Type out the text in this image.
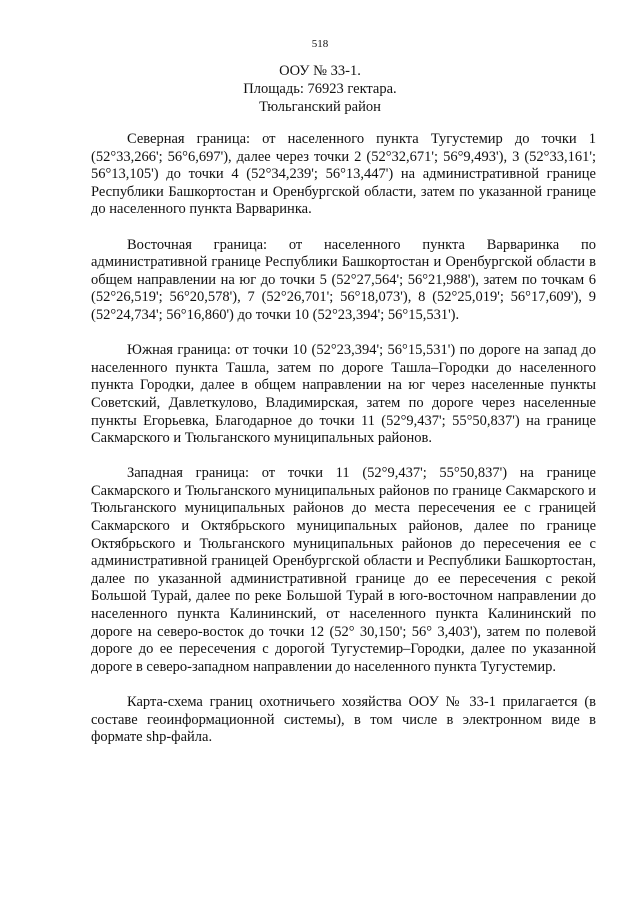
518
ООУ № 33-1.
Площадь: 76923 гектара.
Тюльганский район

Северная граница: от населенного пункта Тугустемир до точки 1 (52°33,266'; 56°6,697'), далее через точки 2 (52°32,671'; 56°9,493'), 3 (52°33,161'; 56°13,105') до точки 4 (52°34,239'; 56°13,447') на административной границе Республики Башкортостан и Оренбургской области, затем по указанной границе до населенного пункта Варваринка.

Восточная граница: от населенного пункта Варваринка по административной границе Республики Башкортостан и Оренбургской области в общем направлении на юг до точки 5 (52°27,564'; 56°21,988'), затем по точкам 6 (52°26,519'; 56°20,578'), 7 (52°26,701'; 56°18,073'), 8 (52°25,019'; 56°17,609'), 9 (52°24,734'; 56°16,860') до точки 10 (52°23,394'; 56°15,531').

Южная граница: от точки 10 (52°23,394'; 56°15,531') по дороге на запад до населенного пункта Ташла, затем по дороге Ташла–Городки до населенного пункта Городки, далее в общем направлении на юг через населенные пункты Советский, Давлеткулово, Владимирская, затем по дороге через населенные пункты Егорьевка, Благодарное до точки 11 (52°9,437'; 55°50,837') на границе Сакмарского и Тюльганского муниципальных районов.

Западная граница: от точки 11 (52°9,437'; 55°50,837') на границе Сакмарского и Тюльганского муниципальных районов по границе Сакмарского и Тюльганского муниципальных районов до места пересечения ее с границей Сакмарского и Октябрьского муниципальных районов, далее по границе Октябрьского и Тюльганского муниципальных районов до пересечения ее с административной границей Оренбургской области и Республики Башкортостан, далее по указанной административной границе до ее пересечения с рекой Большой Турай, далее по реке Большой Турай в юго-восточном направлении до населенного пункта Калининский, от населенного пункта Калининский по дороге на северо-восток до точки 12 (52° 30,150'; 56° 3,403'), затем по полевой дороге до ее пересечения с дорогой Тугустемир–Городки, далее по указанной дороге в северо-западном направлении до населенного пункта Тугустемир.

Карта-схема границ охотничьего хозяйства ООУ № 33-1 прилагается (в составе геоинформационной системы), в том числе в электронном виде в формате shp-файла.
